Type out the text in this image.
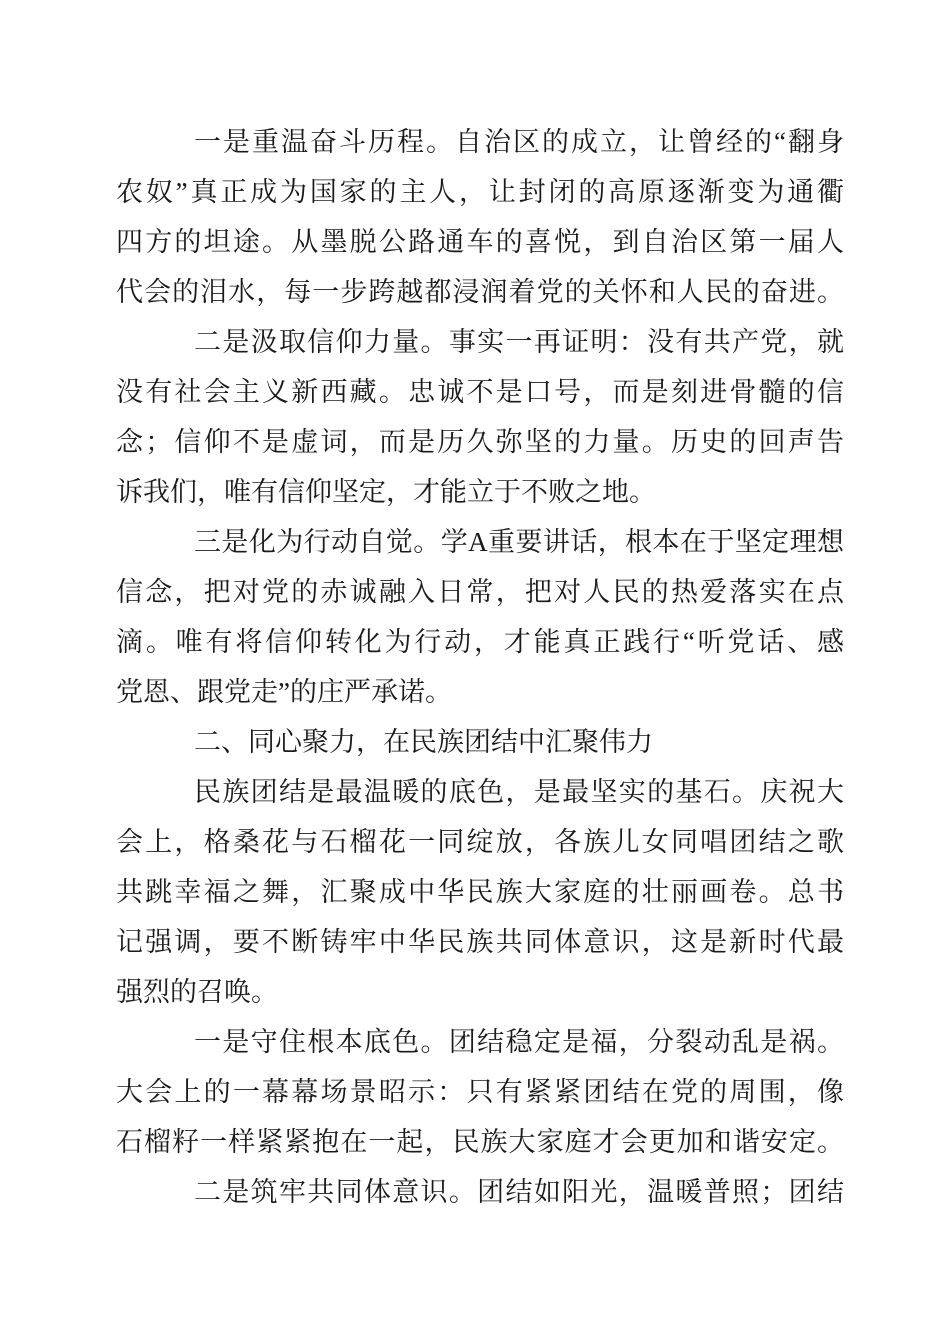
一是重温奋斗历程。自治区的成立，让曾经的“翻身
农奴”真正成为国家的主人，让封闭的高原逐渐变为通衢
四方的坦途。从墨脱公路通车的喜悦，到自治区第一届人
代会的泪水，每一步跨越都浸润着党的关怀和人民的奋进。
二是汲取信仰力量。事实一再证明：没有共产党，就
没有社会主义新西藏。忠诚不是口号，而是刻进骨髓的信
念；信仰不是虚词，而是历久弥坚的力量。历史的回声告
诉我们，唯有信仰坚定，才能立于不败之地。
三是化为行动自觉。学A重要讲话，根本在于坚定理想
信念，把对党的赤诚融入日常，把对人民的热爱落实在点
滴。唯有将信仰转化为行动，才能真正践行“听党话、感
党恩、跟党走”的庄严承诺。
二、同心聚力，在民族团结中汇聚伟力
民族团结是最温暖的底色，是最坚实的基石。庆祝大
会上，格桑花与石榴花一同绽放，各族儿女同唱团结之歌
共跳幸福之舞，汇聚成中华民族大家庭的壮丽画卷。总书
记强调，要不断铸牢中华民族共同体意识，这是新时代最
强烈的召唤。
一是守住根本底色。团结稳定是福，分裂动乱是祸。
大会上的一幕幕场景昭示：只有紧紧团结在党的周围，像
石榴籽一样紧紧抱在一起，民族大家庭才会更加和谐安定。
二是筑牢共同体意识。团结如阳光，温暖普照；团结
